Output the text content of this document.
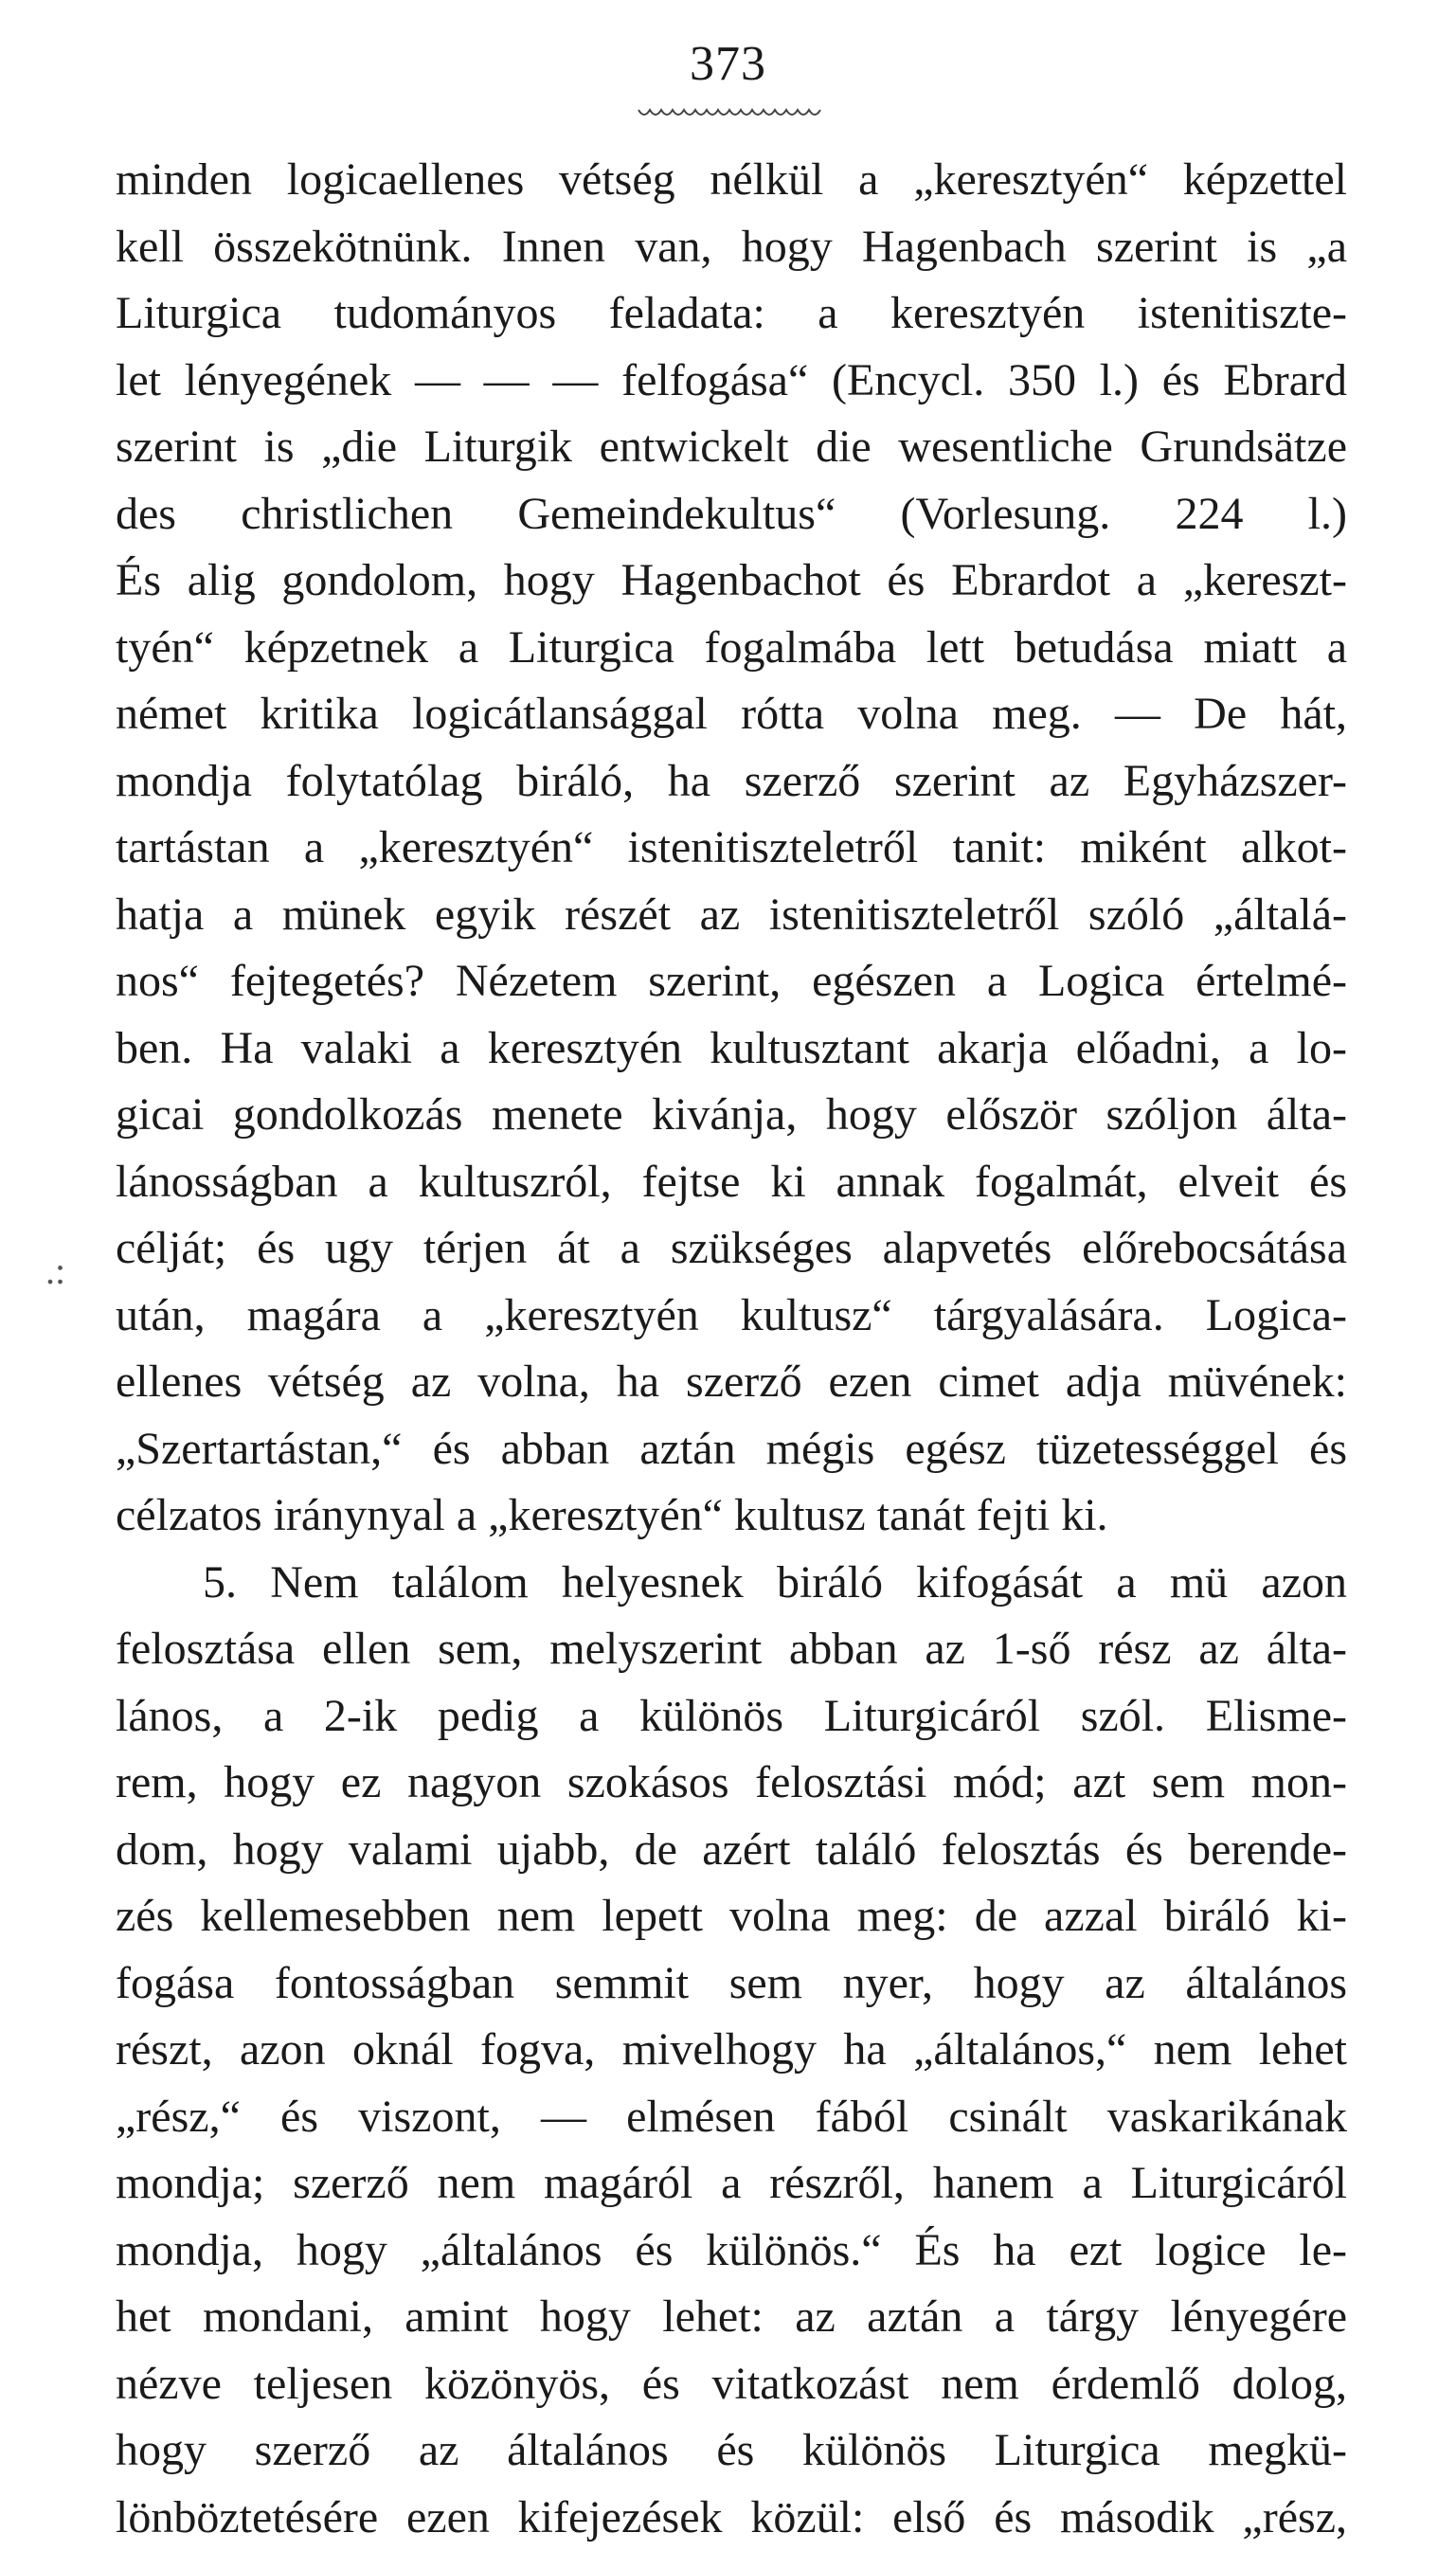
373
.:
minden logicaellenes vétség nélkül a „keresztyén“ képzettel
kell összekötnünk. Innen van, hogy Hagenbach szerint is „a
Liturgica tudományos feladata: a keresztyén istenitiszte-
let lényegének — — — felfogása“ (Encycl. 350 l.) és Ebrard
szerint is „die Liturgik entwickelt die wesentliche Grundsätze
des christlichen Gemeindekultus“ (Vorlesung. 224 l.)
És alig gondolom, hogy Hagenbachot és Ebrardot a „kereszt-
tyén“ képzetnek a Liturgica fogalmába lett betudása miatt a
német kritika logicátlansággal rótta volna meg. — De hát,
mondja folytatólag biráló, ha szerző szerint az Egyházszer-
tartástan a „keresztyén“ istenitiszteletről tanit: miként alkot-
hatja a münek egyik részét az istenitiszteletről szóló „általá-
nos“ fejtegetés? Nézetem szerint, egészen a Logica értelmé-
ben. Ha valaki a keresztyén kultusztant akarja előadni, a lo-
gicai gondolkozás menete kivánja, hogy először szóljon álta-
lánosságban a kultuszról, fejtse ki annak fogalmát, elveit és
célját; és ugy térjen át a szükséges alapvetés előrebocsátása
után, magára a „keresztyén kultusz“ tárgyalására. Logica-
ellenes vétség az volna, ha szerző ezen cimet adja müvének:
„Szertartástan,“ és abban aztán mégis egész tüzetességgel és
célzatos iránynyal a „keresztyén“ kultusz tanát fejti ki.
5. Nem találom helyesnek biráló kifogását a mü azon
felosztása ellen sem, melyszerint abban az 1-ső rész az álta-
lános, a 2-ik pedig a különös Liturgicáról szól. Elisme-
rem, hogy ez nagyon szokásos felosztási mód; azt sem mon-
dom, hogy valami ujabb, de azért találó felosztás és berende-
zés kellemesebben nem lepett volna meg: de azzal biráló ki-
fogása fontosságban semmit sem nyer, hogy az általános
részt, azon oknál fogva, mivelhogy ha „általános,“ nem lehet
„rész,“ és viszont, — elmésen fából csinált vaskarikának
mondja; szerző nem magáról a részről, hanem a Liturgicáról
mondja, hogy „általános és különös.“ És ha ezt logice le-
het mondani, amint hogy lehet: az aztán a tárgy lényegére
nézve teljesen közönyös, és vitatkozást nem érdemlő dolog,
hogy szerző az általános és különös Liturgica megkü-
lönböztetésére ezen kifejezések közül: első és második „rész,
